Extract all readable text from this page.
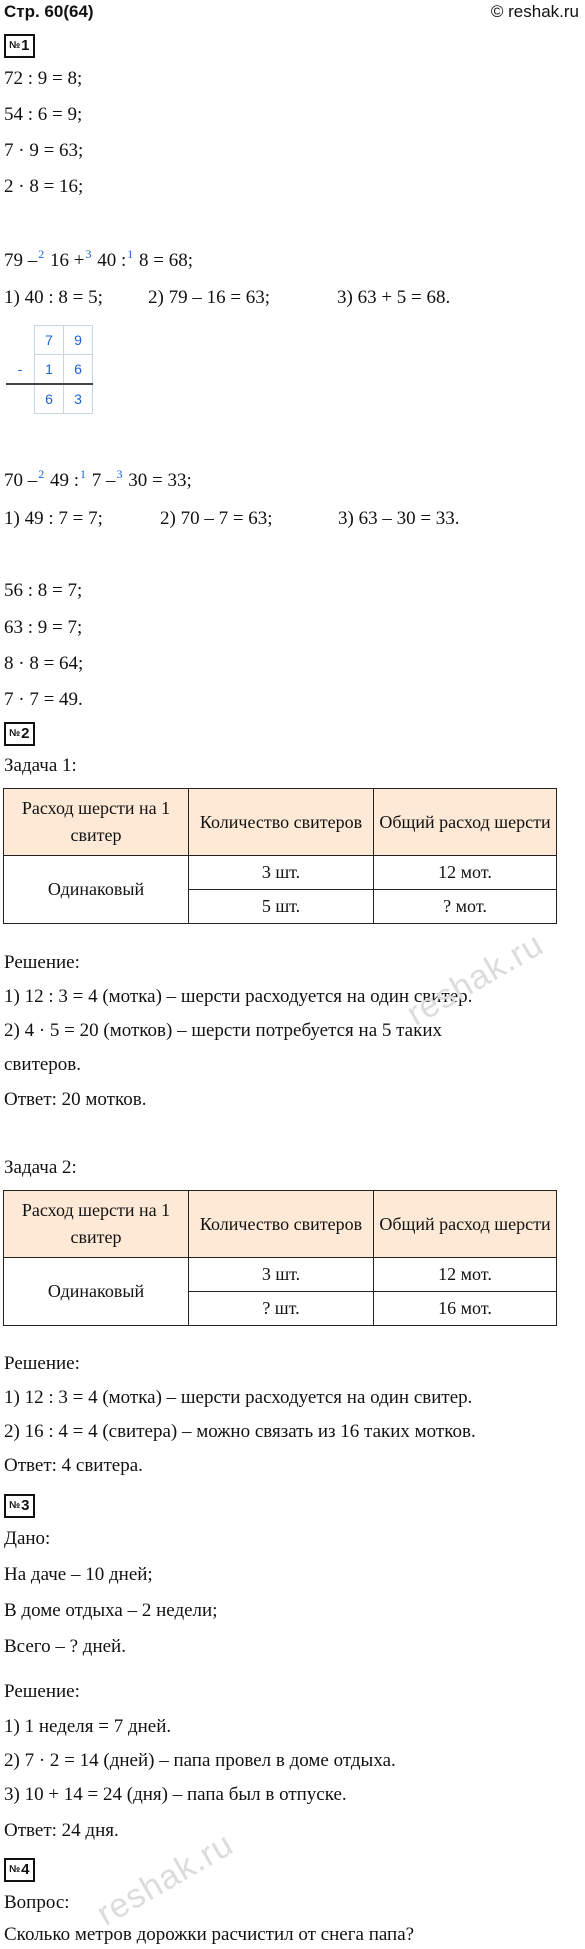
Стр. 60(64)	© reshak.ru
№1
72 : 9 = 8;
54 : 6 = 9;
7 · 9 = 63;
2 · 8 = 16;
79 –$^2$ 16 +$^3$ 40 :$^1$ 8 = 68;
1) 40 : 8 = 5; 2) 79 – 16 = 63;	3) 63 + 5 = 68.
	7	9
-	1	6
	6	3
70 –$^2$ 49 :$^1$ 7 –$^3$ 30 = 33;
1) 49 : 7 = 7;	2) 70 – 7 = 63;	3) 63 – 30 = 33.
56 : 8 = 7;
63 : 9 = 7;
8 · 8 = 64;
7 · 7 = 49.
№2
Задача 1:
Расход шерсти на 1 свитер	Количество свитеров	Общий расход шерсти
Одинаковый	3 шт.	12 мот.
	5 шт.	? мот.
Решение:
1) 12 : 3 = 4 (мотка) – шерсти расходуется на один свитер.
2) 4 · 5 = 20 (мотков) – шерсти потребуется на 5 таких
свитеров.
Ответ: 20 мотков.
Задача 2:
Расход шерсти на 1 свитер	Количество свитеров	Общий расход шерсти
Одинаковый	3 шт.	12 мот.
	? шт.	16 мот.
Решение:
1) 12 : 3 = 4 (мотка) – шерсти расходуется на один свитер.
2) 16 : 4 = 4 (свитера) – можно связать из 16 таких мотков.
Ответ: 4 свитера.
№3
Дано:
На даче – 10 дней;
В доме отдыха – 2 недели;
Всего – ? дней.
Решение:
1) 1 неделя = 7 дней.
2) 7 · 2 = 14 (дней) – папа провел в доме отдыха.
3) 10 + 14 = 24 (дня) – папа был в отпуске.
Ответ: 24 дня.
№4
Вопрос:
Сколько метров дорожки расчистил от снега папа?
reshak.ru
reshak.ru
